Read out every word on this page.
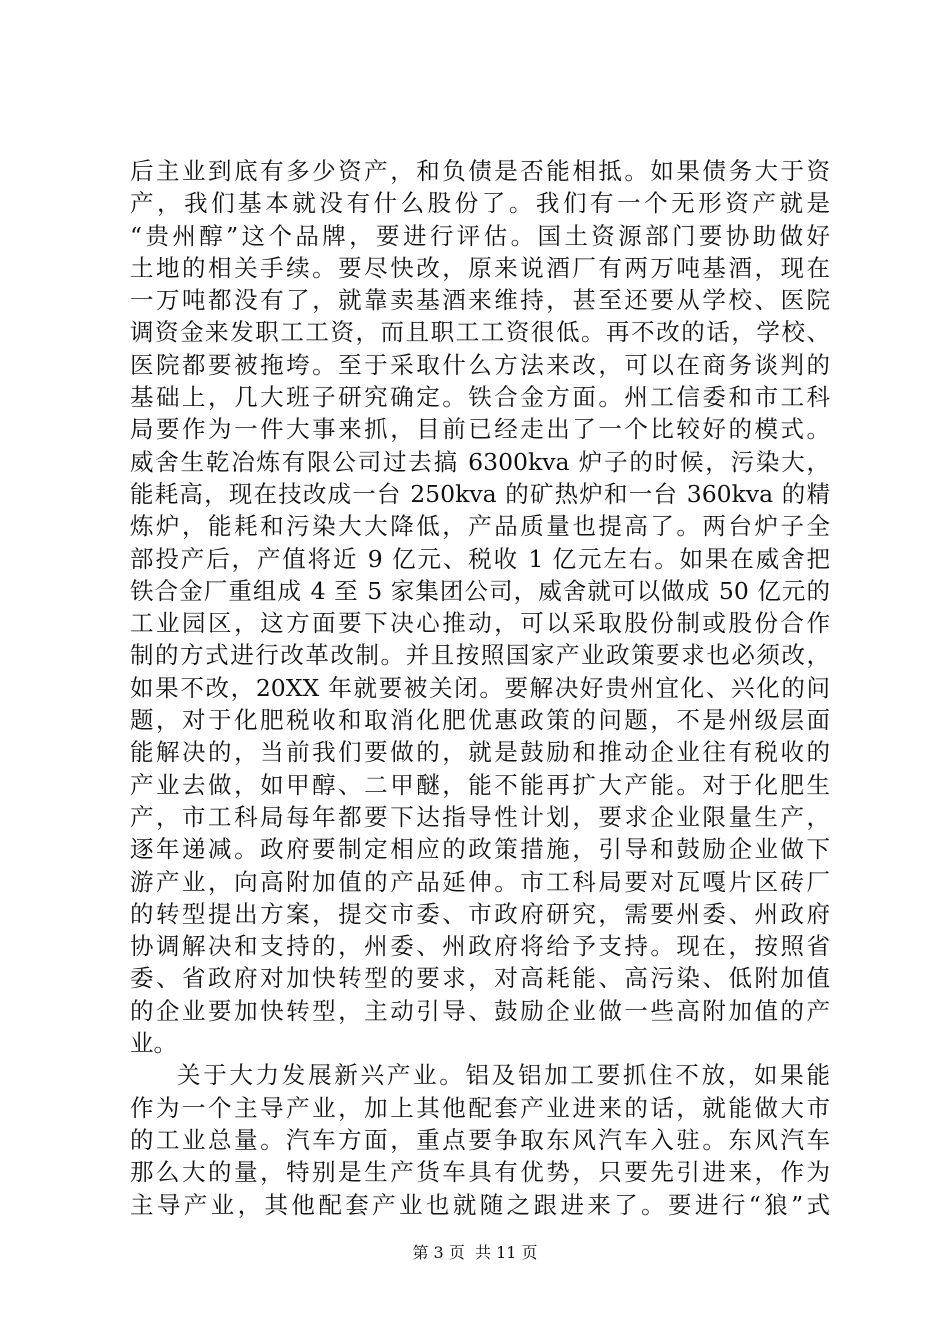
后主业到底有多少资产，和负债是否能相抵。如果债务大于资
产，我们基本就没有什么股份了。我们有一个无形资产就是
“贵州醇”这个品牌，要进行评估。国土资源部门要协助做好
土地的相关手续。要尽快改，原来说酒厂有两万吨基酒，现在
一万吨都没有了，就靠卖基酒来维持，甚至还要从学校、医院
调资金来发职工工资，而且职工工资很低。再不改的话，学校、
医院都要被拖垮。至于采取什么方法来改，可以在商务谈判的
基础上，几大班子研究确定。铁合金方面。州工信委和市工科
局要作为一件大事来抓，目前已经走出了一个比较好的模式。
威舍生乾冶炼有限公司过去搞 6300kva 炉子的时候，污染大，
能耗高，现在技改成一台 250kva 的矿热炉和一台 360kva 的精
炼炉，能耗和污染大大降低，产品质量也提高了。两台炉子全
部投产后，产值将近 9 亿元、税收 1 亿元左右。如果在威舍把
铁合金厂重组成 4 至 5 家集团公司，威舍就可以做成 50 亿元的
工业园区，这方面要下决心推动，可以采取股份制或股份合作
制的方式进行改革改制。并且按照国家产业政策要求也必须改，
如果不改，20XX 年就要被关闭。要解决好贵州宜化、兴化的问
题，对于化肥税收和取消化肥优惠政策的问题，不是州级层面
能解决的，当前我们要做的，就是鼓励和推动企业往有税收的
产业去做，如甲醇、二甲醚，能不能再扩大产能。对于化肥生
产，市工科局每年都要下达指导性计划，要求企业限量生产，
逐年递减。政府要制定相应的政策措施，引导和鼓励企业做下
游产业，向高附加值的产品延伸。市工科局要对瓦嘎片区砖厂
的转型提出方案，提交市委、市政府研究，需要州委、州政府
协调解决和支持的，州委、州政府将给予支持。现在，按照省
委、省政府对加快转型的要求，对高耗能、高污染、低附加值
的企业要加快转型，主动引导、鼓励企业做一些高附加值的产
业。
关于大力发展新兴产业。铝及铝加工要抓住不放，如果能
作为一个主导产业，加上其他配套产业进来的话，就能做大市
的工业总量。汽车方面，重点要争取东风汽车入驻。东风汽车
那么大的量，特别是生产货车具有优势，只要先引进来，作为
主导产业，其他配套产业也就随之跟进来了。要进行“狼”式
第 3 页  共 11 页
